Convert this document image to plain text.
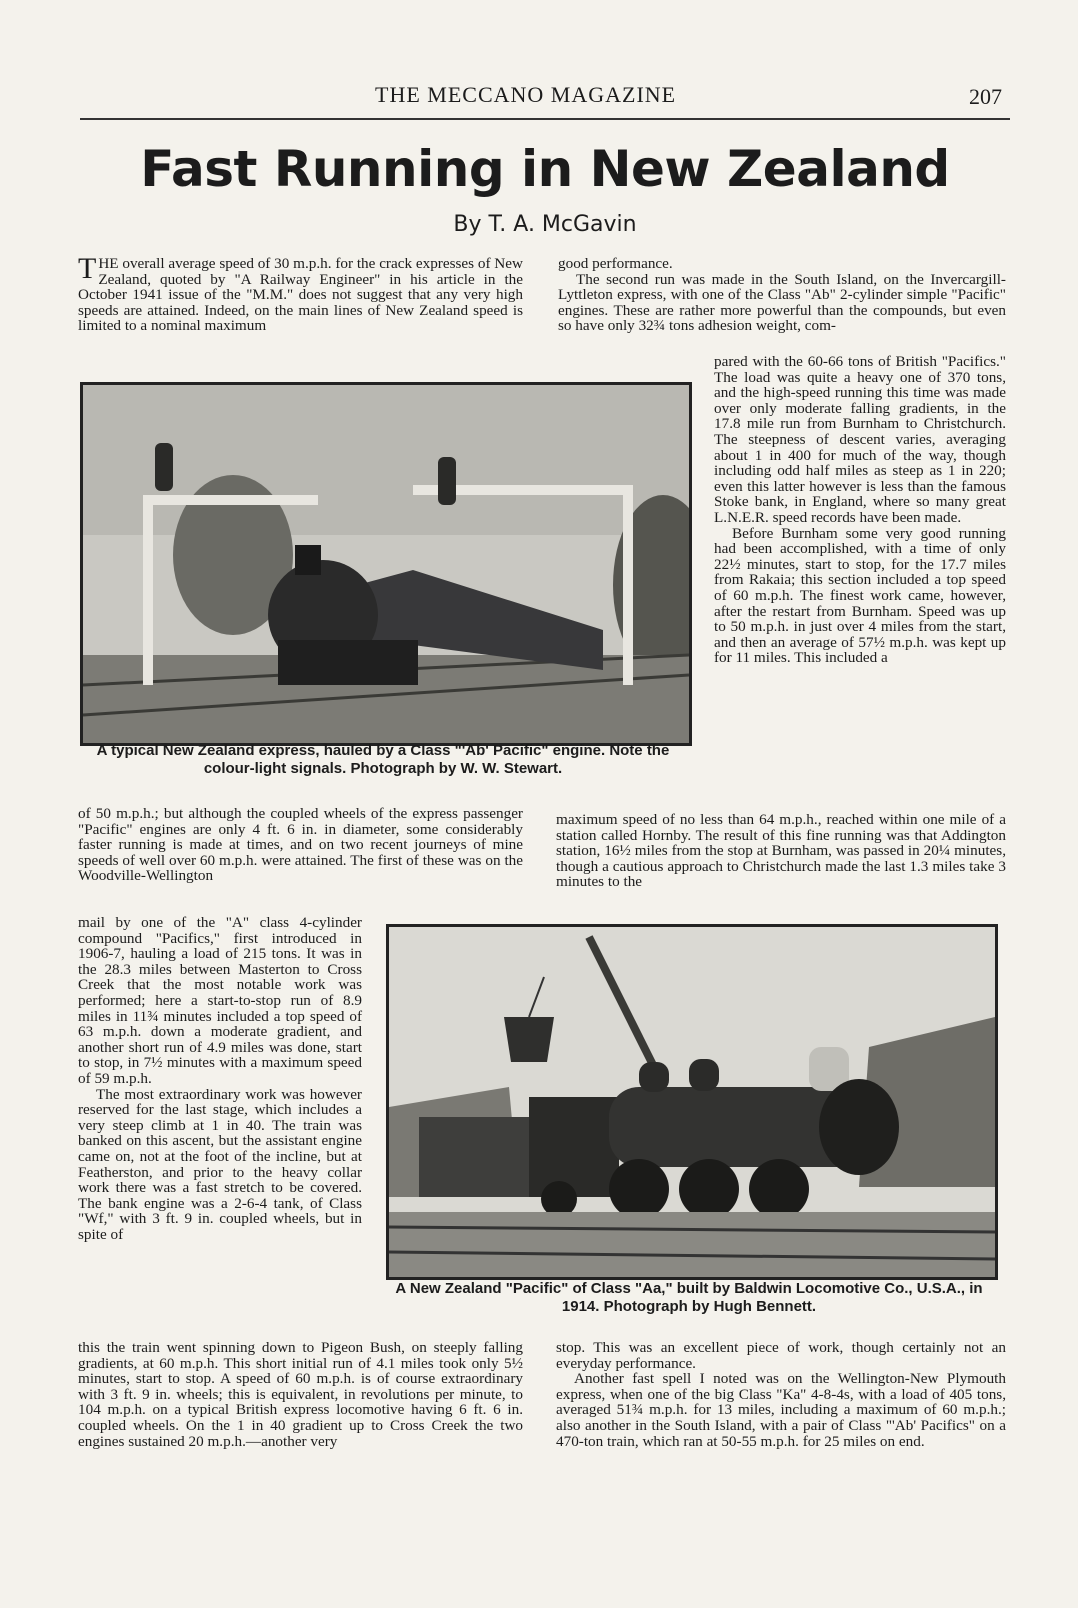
THE MECCANO MAGAZINE	207
Fast Running in New Zealand
By T. A. McGavin

THE overall average speed of 30 m.p.h. for the crack expresses of New Zealand, quoted by "A Railway Engineer" in his article in the October 1941 issue of the "M.M." does not suggest that any very high speeds are attained. Indeed, on the main lines of New Zealand speed is limited to a nominal maximum

good performance.

The second run was made in the South Island, on the Invercargill-Lyttleton express, with one of the Class "Ab" 2-cylinder simple "Pacific" engines. These are rather more powerful than the compounds, but even so have only 32¾ tons adhesion weight, com-

A typical New Zealand express, hauled by a Class "'Ab' Pacific" engine. Note the colour-light signals. Photograph by W. W. Stewart.

pared with the 60-66 tons of British "Pacifics." The load was quite a heavy one of 370 tons, and the high-speed running this time was made over only moderate falling gradients, in the 17.8 mile run from Burnham to Christchurch. The steepness of descent varies, averaging about 1 in 400 for much of the way, though including odd half miles as steep as 1 in 220; even this latter however is less than the famous Stoke bank, in England, where so many great L.N.E.R. speed records have been made.

Before Burnham some very good running had been accomplished, with a time of only 22½ minutes, start to stop, for the 17.7 miles from Rakaia; this section included a top speed of 60 m.p.h. The finest work came, however, after the restart from Burnham. Speed was up to 50 m.p.h. in just over 4 miles from the start, and then an average of 57½ m.p.h. was kept up for 11 miles. This included a

of 50 m.p.h.; but although the coupled wheels of the express passenger "Pacific" engines are only 4 ft. 6 in. in diameter, some considerably faster running is made at times, and on two recent journeys of mine speeds of well over 60 m.p.h. were attained. The first of these was on the Woodville-Wellington

maximum speed of no less than 64 m.p.h., reached within one mile of a station called Hornby. The result of this fine running was that Addington station, 16½ miles from the stop at Burnham, was passed in 20¼ minutes, though a cautious approach to Christchurch made the last 1.3 miles take 3 minutes to the

mail by one of the "A" class 4-cylinder compound "Pacifics," first introduced in 1906-7, hauling a load of 215 tons. It was in the 28.3 miles between Masterton to Cross Creek that the most notable work was performed; here a start-to-stop run of 8.9 miles in 11¾ minutes included a top speed of 63 m.p.h. down a moderate gradient, and another short run of 4.9 miles was done, start to stop, in 7½ minutes with a maximum speed of 59 m.p.h.

The most extraordinary work was however reserved for the last stage, which includes a very steep climb at 1 in 40. The train was banked on this ascent, but the assistant engine came on, not at the foot of the incline, but at Featherston, and prior to the heavy collar work there was a fast stretch to be covered. The bank engine was a 2-6-4 tank, of Class "Wf," with 3 ft. 9 in. coupled wheels, but in spite of

A New Zealand "Pacific" of Class "Aa," built by Baldwin Locomotive Co., U.S.A., in 1914. Photograph by Hugh Bennett.

this the train went spinning down to Pigeon Bush, on steeply falling gradients, at 60 m.p.h. This short initial run of 4.1 miles took only 5½ minutes, start to stop. A speed of 60 m.p.h. is of course extraordinary with 3 ft. 9 in. wheels; this is equivalent, in revolutions per minute, to 104 m.p.h. on a typical British express locomotive having 6 ft. 6 in. coupled wheels. On the 1 in 40 gradient up to Cross Creek the two engines sustained 20 m.p.h.—another very

stop. This was an excellent piece of work, though certainly not an everyday performance.

Another fast spell I noted was on the Wellington-New Plymouth express, when one of the big Class "Ka" 4-8-4s, with a load of 405 tons, averaged 51¾ m.p.h. for 13 miles, including a maximum of 60 m.p.h.; also another in the South Island, with a pair of Class "'Ab' Pacifics" on a 470-ton train, which ran at 50-55 m.p.h. for 25 miles on end.
